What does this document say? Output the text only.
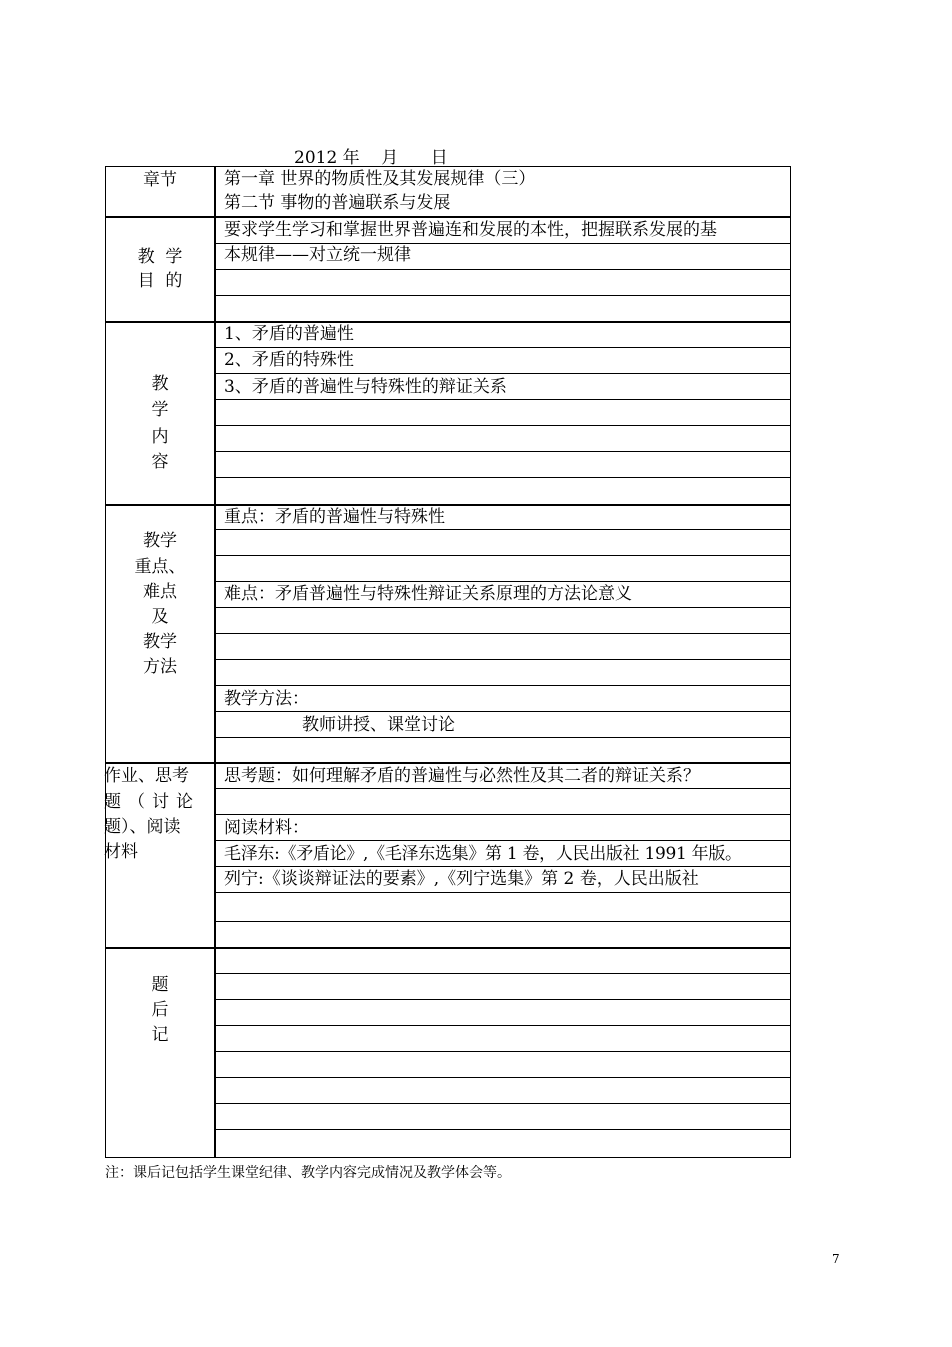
2012 年    月      日
章节	第一章 世界的物质性及其发展规律（三）
第二节 事物的普遍联系与发展
教  学
目  的
要求学生学习和掌握世界普遍连和发展的本性，把握联系发展的基
本规律——对立统一规律
教
学
内
容
1、矛盾的普遍性
2、矛盾的特殊性
3、矛盾的普遍性与特殊性的辩证关系
教学
重点、
难点
及
教学
方法
重点：矛盾的普遍性与特殊性
难点：矛盾普遍性与特殊性辩证关系原理的方法论意义
教学方法：
教师讲授、课堂讨论
作业、思考
题（讨论
题）、阅读
材料
思考题：如何理解矛盾的普遍性与必然性及其二者的辩证关系？
阅读材料：
毛泽东:《矛盾论》,《毛泽东选集》第 1 卷，人民出版社 1991 年版。
列宁:《谈谈辩证法的要素》,《列宁选集》第 2 卷，人民出版社
题
后
记
注：课后记包括学生课堂纪律、教学内容完成情况及教学体会等。
7
